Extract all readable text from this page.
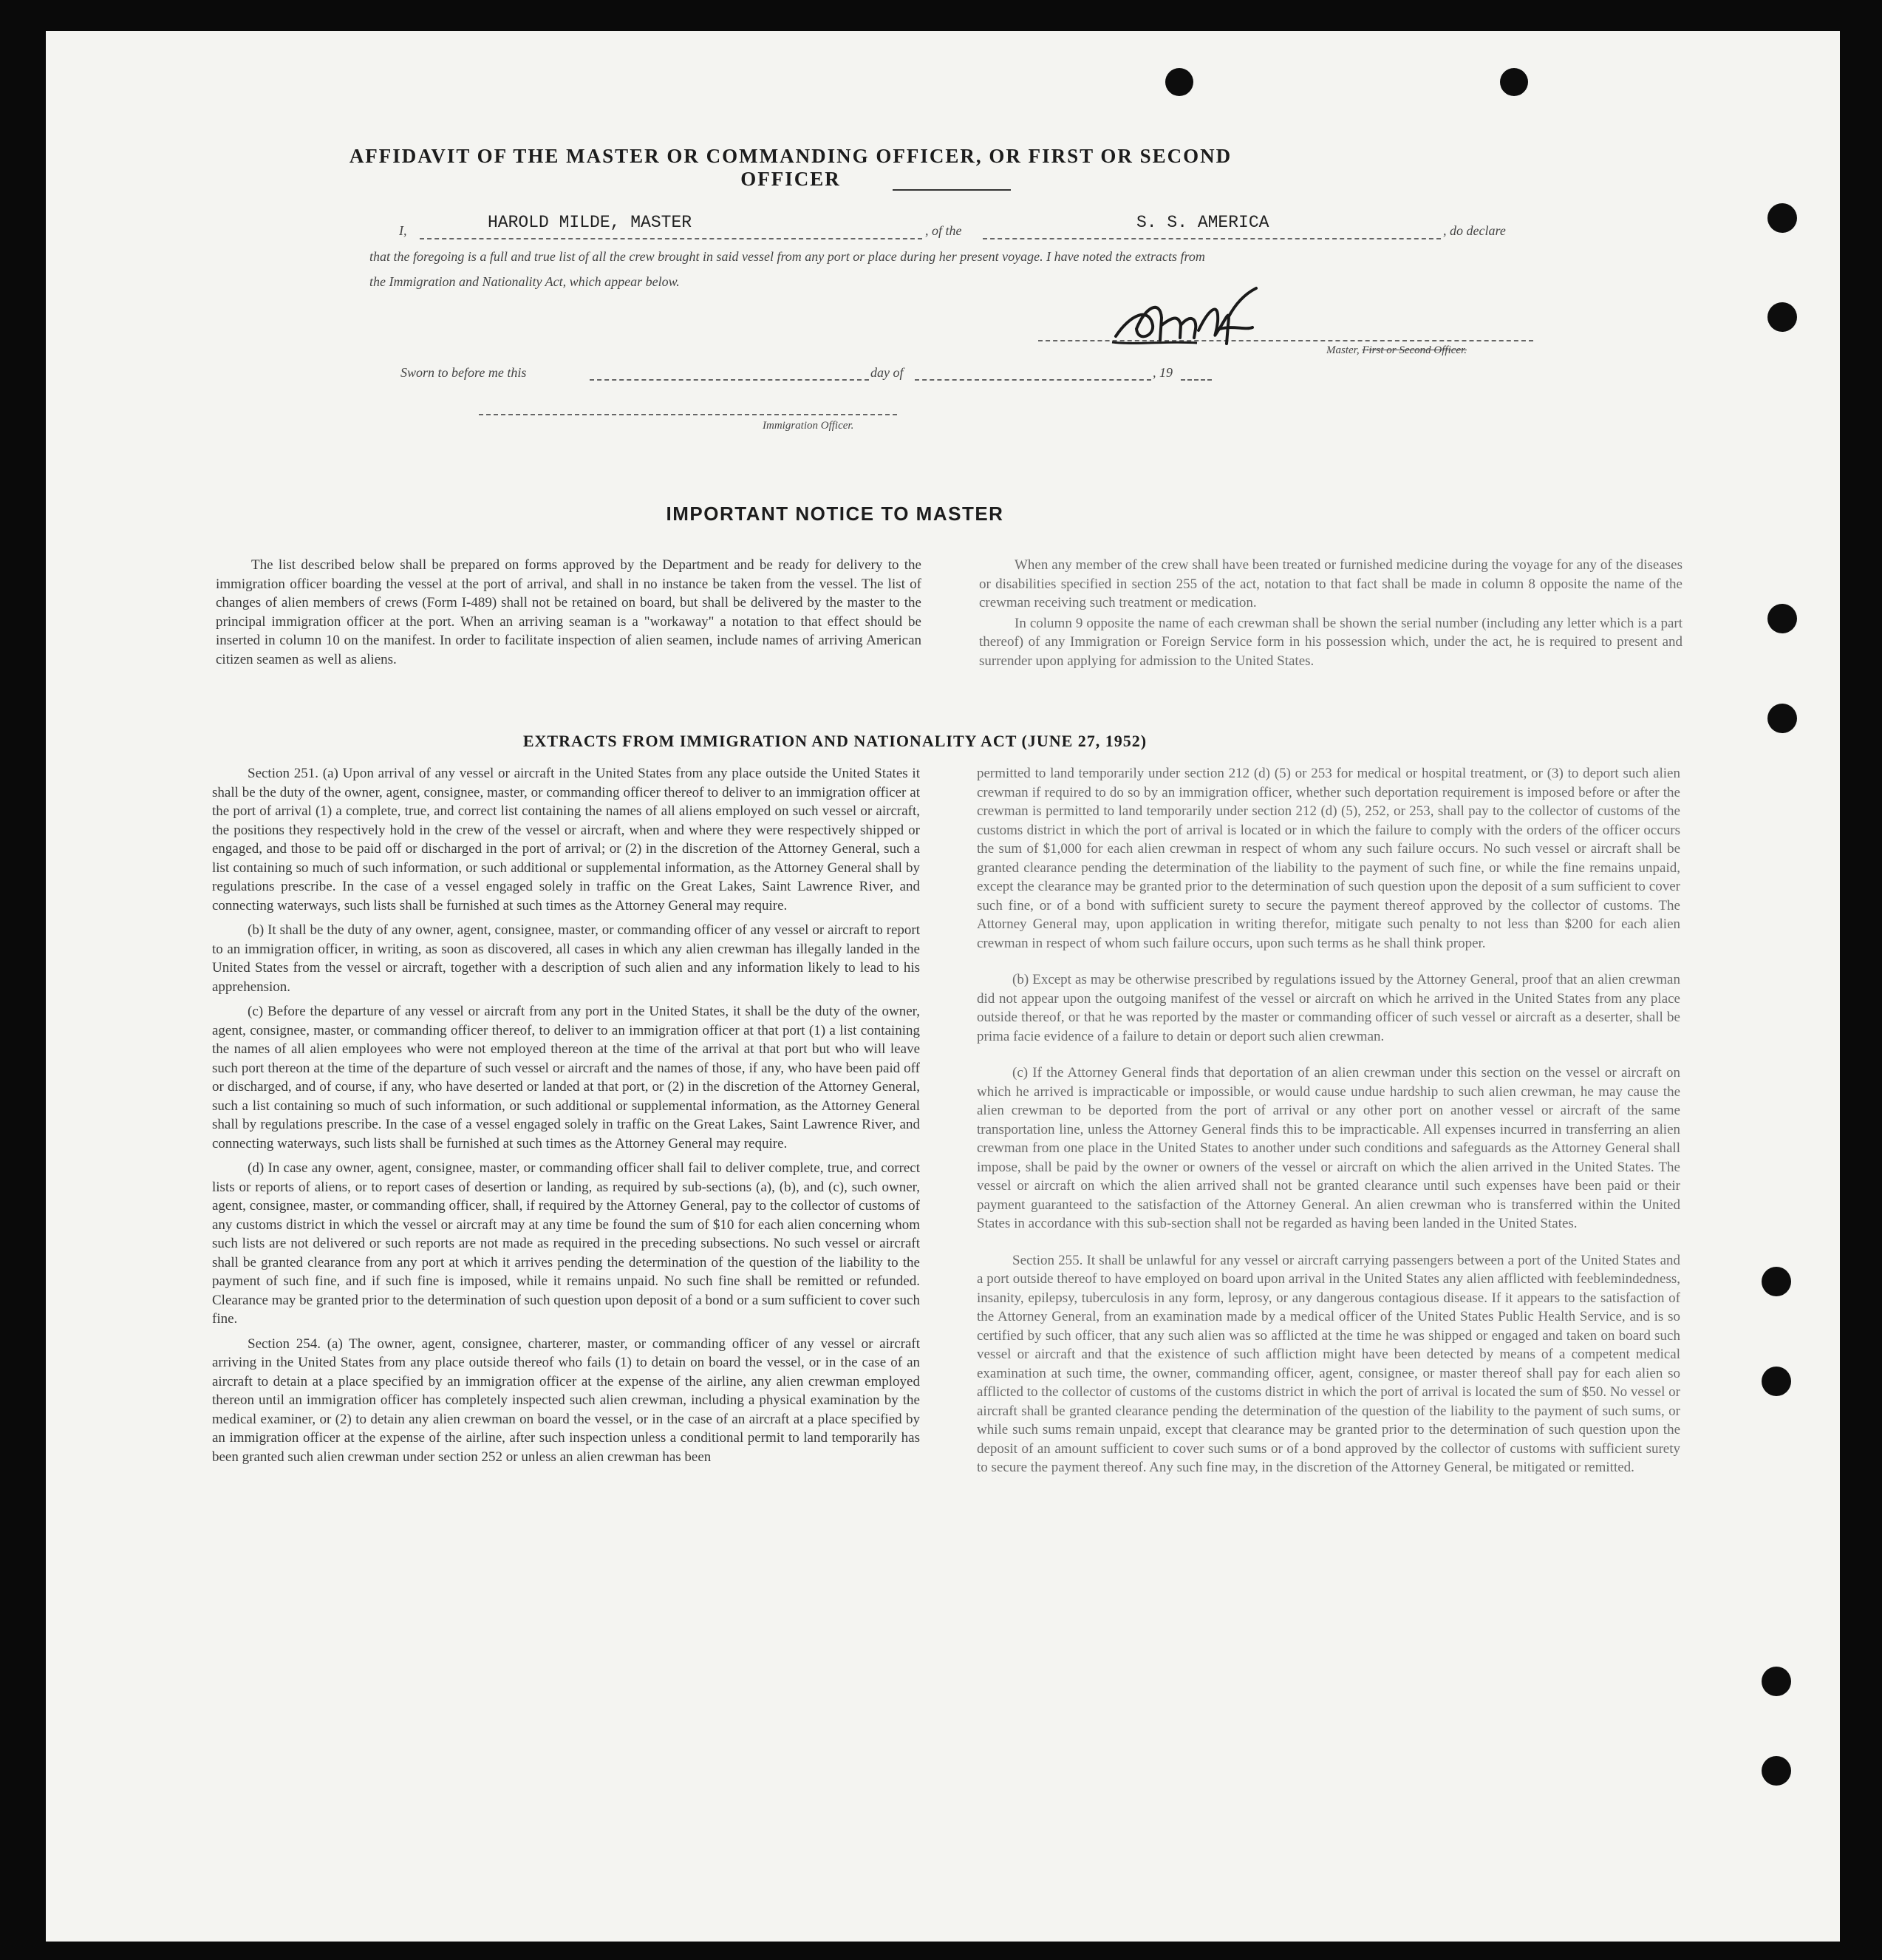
AFFIDAVIT OF THE MASTER OR COMMANDING OFFICER, OR FIRST OR SECOND OFFICER
I,	HAROLD MILDE, MASTER	, of the	S. S. AMERICA	, do declare
that the foregoing is a full and true list of all the crew brought in said vessel from any port or place during her present voyage. I have noted the extracts from
the Immigration and Nationality Act, which appear below.
Master, First or Second Officer.
Sworn to before me this	day of	, 19
Immigration Officer.
IMPORTANT NOTICE TO MASTER

The list described below shall be prepared on forms approved by the Department and be ready for delivery to the immigration officer boarding the vessel at the port of arrival, and shall in no instance be taken from the vessel. The list of changes of alien members of crews (Form I-489) shall not be retained on board, but shall be delivered by the master to the principal immigration officer at the port. When an arriving seaman is a "workaway" a notation to that effect should be inserted in column 10 on the manifest. In order to facilitate inspection of alien seamen, include names of arriving American citizen seamen as well as aliens.

When any member of the crew shall have been treated or furnished medicine during the voyage for any of the diseases or disabilities specified in section 255 of the act, notation to that fact shall be made in column 8 opposite the name of the crewman receiving such treatment or medication.

In column 9 opposite the name of each crewman shall be shown the serial number (including any letter which is a part thereof) of any Immigration or Foreign Service form in his possession which, under the act, he is required to present and surrender upon applying for admission to the United States.

EXTRACTS FROM IMMIGRATION AND NATIONALITY ACT (JUNE 27, 1952)

Section 251. (a) Upon arrival of any vessel or aircraft in the United States from any place outside the United States it shall be the duty of the owner, agent, consignee, master, or commanding officer thereof to deliver to an immigration officer at the port of arrival (1) a complete, true, and correct list containing the names of all aliens employed on such vessel or aircraft, the positions they respectively hold in the crew of the vessel or aircraft, when and where they were respectively shipped or engaged, and those to be paid off or discharged in the port of arrival; or (2) in the discretion of the Attorney General, such a list containing so much of such information, or such additional or supplemental information, as the Attorney General shall by regulations prescribe. In the case of a vessel engaged solely in traffic on the Great Lakes, Saint Lawrence River, and connecting waterways, such lists shall be furnished at such times as the Attorney General may require.

(b) It shall be the duty of any owner, agent, consignee, master, or commanding officer of any vessel or aircraft to report to an immigration officer, in writing, as soon as discovered, all cases in which any alien crewman has illegally landed in the United States from the vessel or aircraft, together with a description of such alien and any information likely to lead to his apprehension.

(c) Before the departure of any vessel or aircraft from any port in the United States, it shall be the duty of the owner, agent, consignee, master, or commanding officer thereof, to deliver to an immigration officer at that port (1) a list containing the names of all alien employees who were not employed thereon at the time of the arrival at that port but who will leave such port thereon at the time of the departure of such vessel or aircraft and the names of those, if any, who have been paid off or discharged, and of course, if any, who have deserted or landed at that port, or (2) in the discretion of the Attorney General, such a list containing so much of such information, or such additional or supplemental information, as the Attorney General shall by regulations prescribe. In the case of a vessel engaged solely in traffic on the Great Lakes, Saint Lawrence River, and connecting waterways, such lists shall be furnished at such times as the Attorney General may require.

(d) In case any owner, agent, consignee, master, or commanding officer shall fail to deliver complete, true, and correct lists or reports of aliens, or to report cases of desertion or landing, as required by sub-sections (a), (b), and (c), such owner, agent, consignee, master, or commanding officer, shall, if required by the Attorney General, pay to the collector of customs of any customs district in which the vessel or aircraft may at any time be found the sum of $10 for each alien concerning whom such lists are not delivered or such reports are not made as required in the preceding subsections. No such vessel or aircraft shall be granted clearance from any port at which it arrives pending the determination of the question of the liability to the payment of such fine, and if such fine is imposed, while it remains unpaid. No such fine shall be remitted or refunded. Clearance may be granted prior to the determination of such question upon deposit of a bond or a sum sufficient to cover such fine.

Section 254. (a) The owner, agent, consignee, charterer, master, or commanding officer of any vessel or aircraft arriving in the United States from any place outside thereof who fails (1) to detain on board the vessel, or in the case of an aircraft to detain at a place specified by an immigration officer at the expense of the airline, any alien crewman employed thereon until an immigration officer has completely inspected such alien crewman, including a physical examination by the medical examiner, or (2) to detain any alien crewman on board the vessel, or in the case of an aircraft at a place specified by an immigration officer at the expense of the airline, after such inspection unless a conditional permit to land temporarily has been granted such alien crewman under section 252 or unless an alien crewman has been

permitted to land temporarily under section 212 (d) (5) or 253 for medical or hospital treatment, or (3) to deport such alien crewman if required to do so by an immigration officer, whether such deportation requirement is imposed before or after the crewman is permitted to land temporarily under section 212 (d) (5), 252, or 253, shall pay to the collector of customs of the customs district in which the port of arrival is located or in which the failure to comply with the orders of the officer occurs the sum of $1,000 for each alien crewman in respect of whom any such failure occurs. No such vessel or aircraft shall be granted clearance pending the determination of the liability to the payment of such fine, or while the fine remains unpaid, except the clearance may be granted prior to the determination of such question upon the deposit of a sum sufficient to cover such fine, or of a bond with sufficient surety to secure the payment thereof approved by the collector of customs. The Attorney General may, upon application in writing therefor, mitigate such penalty to not less than $200 for each alien crewman in respect of whom such failure occurs, upon such terms as he shall think proper.

(b) Except as may be otherwise prescribed by regulations issued by the Attorney General, proof that an alien crewman did not appear upon the outgoing manifest of the vessel or aircraft on which he arrived in the United States from any place outside thereof, or that he was reported by the master or commanding officer of such vessel or aircraft as a deserter, shall be prima facie evidence of a failure to detain or deport such alien crewman.

(c) If the Attorney General finds that deportation of an alien crewman under this section on the vessel or aircraft on which he arrived is impracticable or impossible, or would cause undue hardship to such alien crewman, he may cause the alien crewman to be deported from the port of arrival or any other port on another vessel or aircraft of the same transportation line, unless the Attorney General finds this to be impracticable. All expenses incurred in transferring an alien crewman from one place in the United States to another under such conditions and safeguards as the Attorney General shall impose, shall be paid by the owner or owners of the vessel or aircraft on which the alien arrived in the United States. The vessel or aircraft on which the alien arrived shall not be granted clearance until such expenses have been paid or their payment guaranteed to the satisfaction of the Attorney General. An alien crewman who is transferred within the United States in accordance with this sub-section shall not be regarded as having been landed in the United States.

Section 255. It shall be unlawful for any vessel or aircraft carrying passengers between a port of the United States and a port outside thereof to have employed on board upon arrival in the United States any alien afflicted with feeblemindedness, insanity, epilepsy, tuberculosis in any form, leprosy, or any dangerous contagious disease. If it appears to the satisfaction of the Attorney General, from an examination made by a medical officer of the United States Public Health Service, and is so certified by such officer, that any such alien was so afflicted at the time he was shipped or engaged and taken on board such vessel or aircraft and that the existence of such affliction might have been detected by means of a competent medical examination at such time, the owner, commanding officer, agent, consignee, or master thereof shall pay for each alien so afflicted to the collector of customs of the customs district in which the port of arrival is located the sum of $50. No vessel or aircraft shall be granted clearance pending the determination of the question of the liability to the payment of such sums, or while such sums remain unpaid, except that clearance may be granted prior to the determination of such question upon the deposit of an amount sufficient to cover such sums or of a bond approved by the collector of customs with sufficient surety to secure the payment thereof. Any such fine may, in the discretion of the Attorney General, be mitigated or remitted.
